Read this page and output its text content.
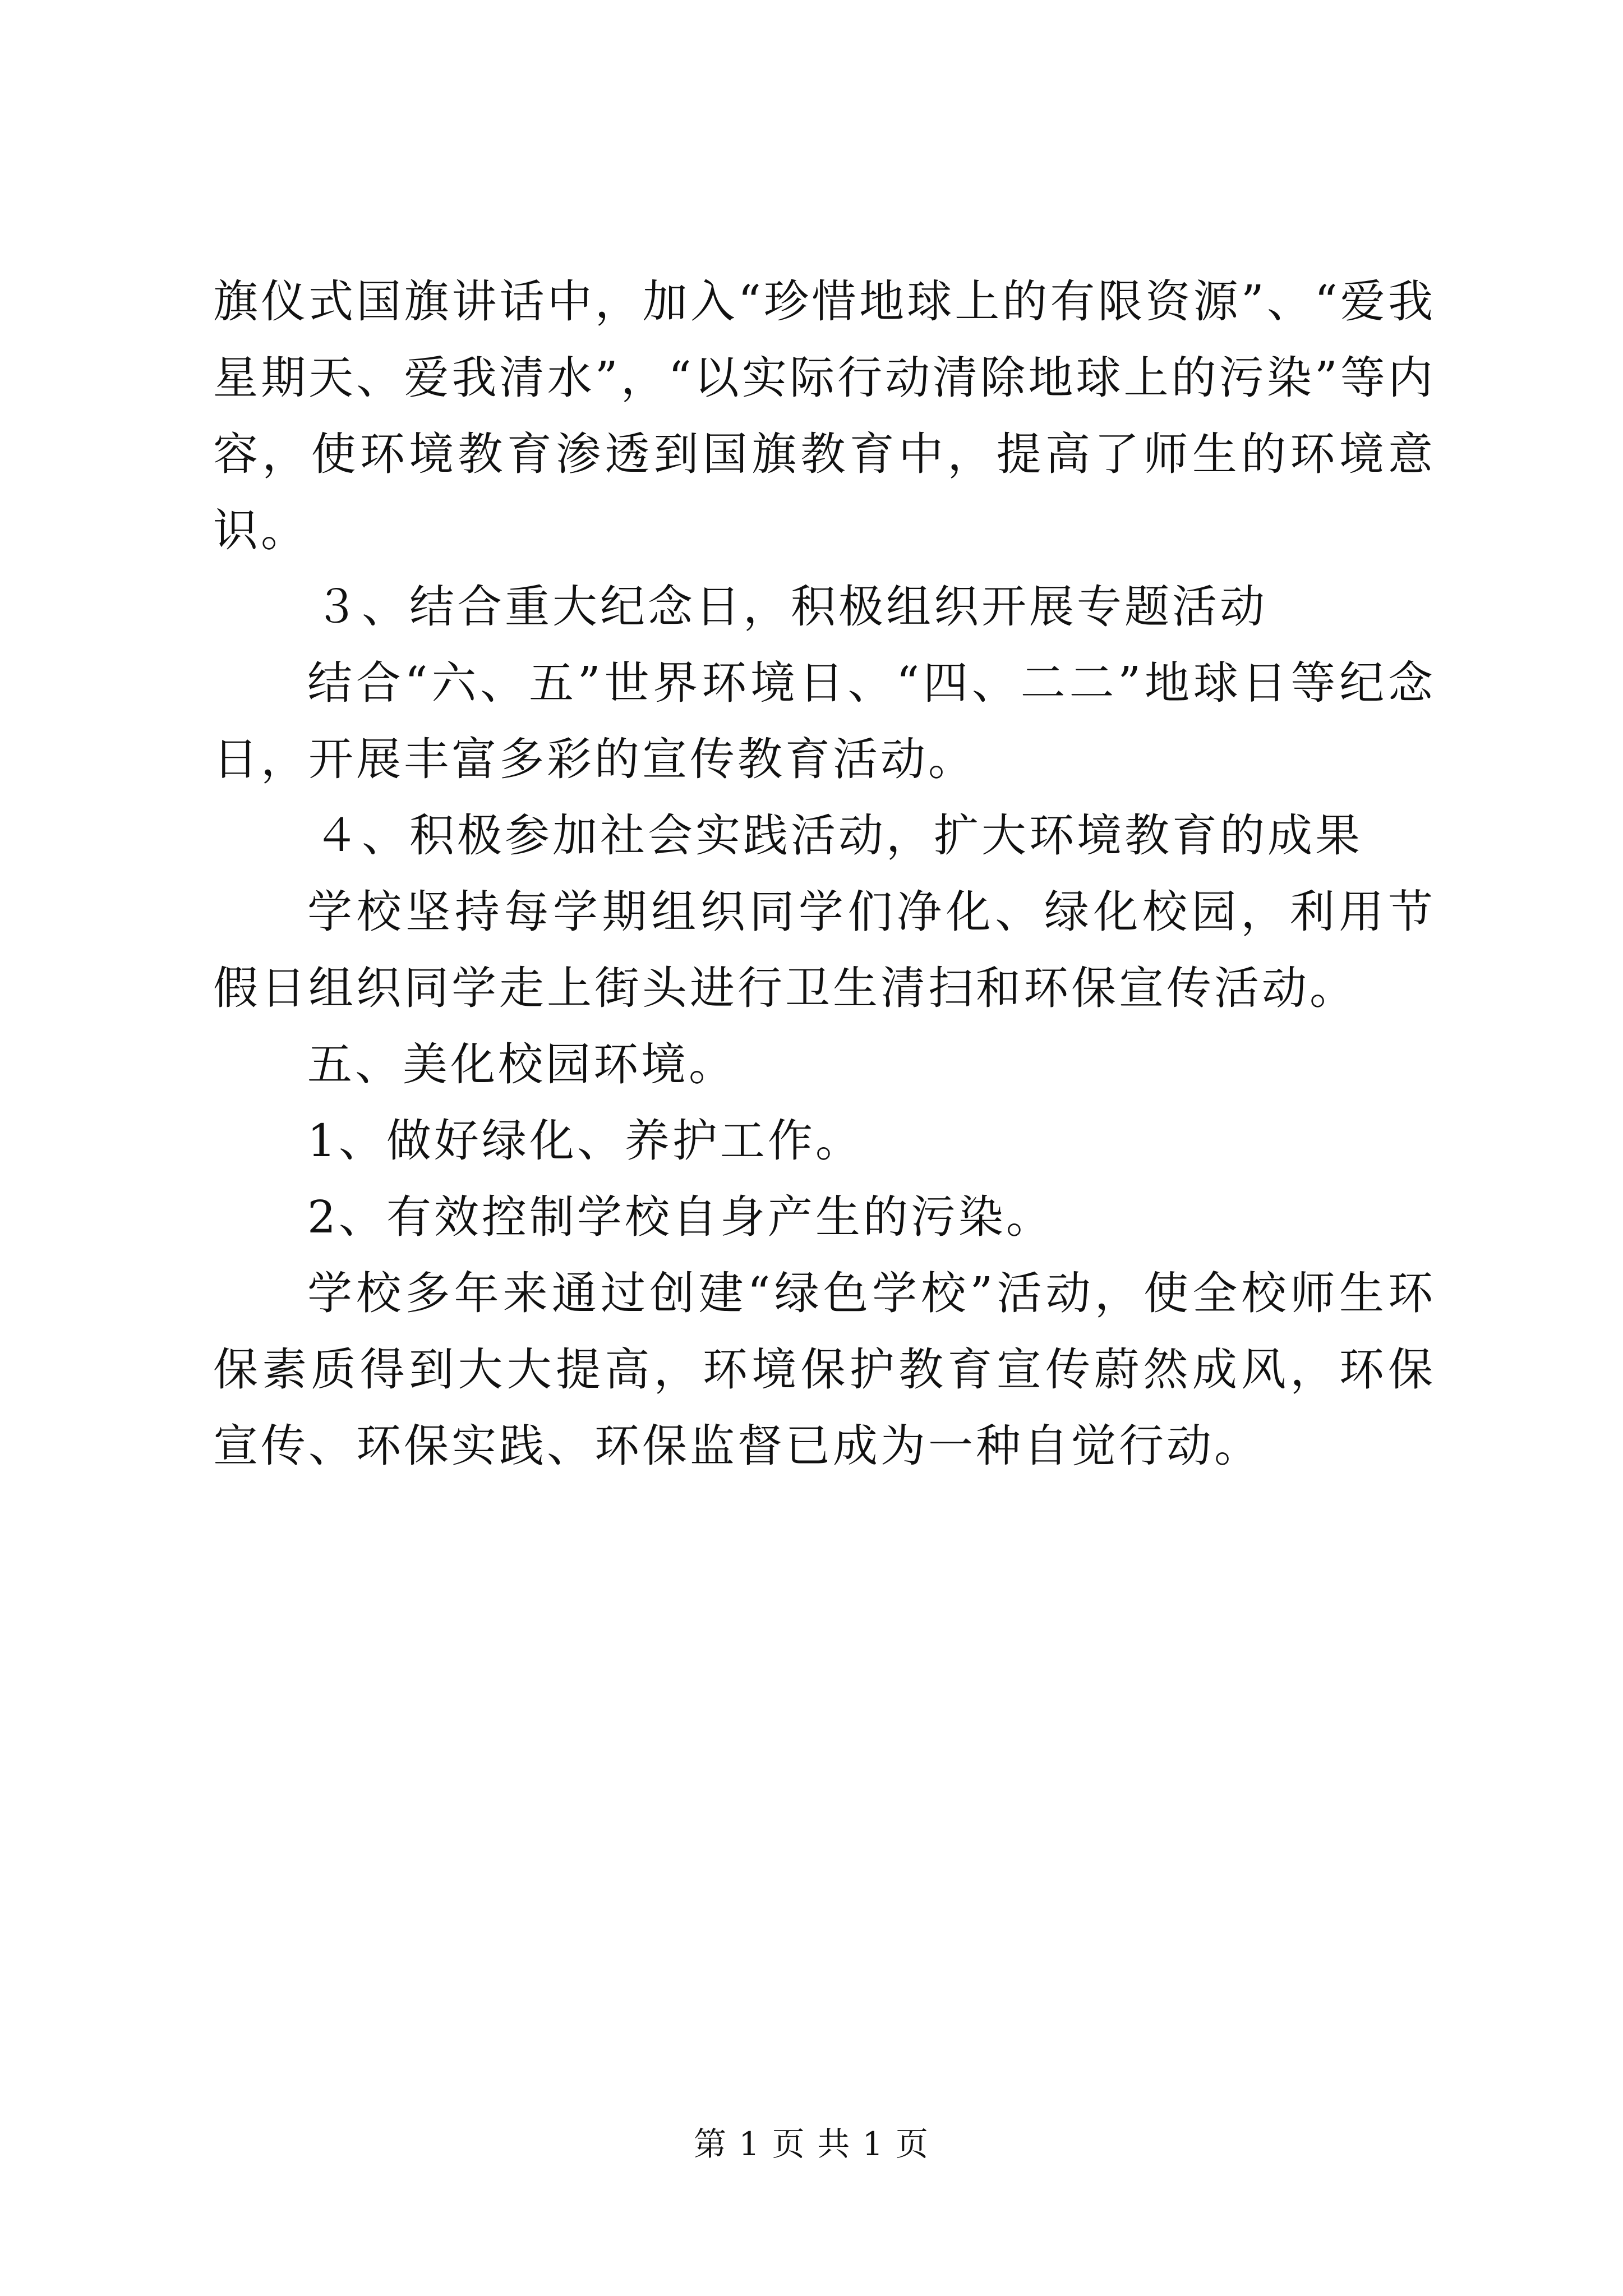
旗仪式国旗讲话中，加入“珍惜地球上的有限资源”、“爱我星期天、爱我清水”，“以实际行动清除地球上的污染”等内容，使环境教育渗透到国旗教育中，提高了师生的环境意识。

３、结合重大纪念日，积极组织开展专题活动

结合“六、五”世界环境日、“四、二二”地球日等纪念日，开展丰富多彩的宣传教育活动。

４、积极参加社会实践活动，扩大环境教育的成果

学校坚持每学期组织同学们净化、绿化校园，利用节假日组织同学走上街头进行卫生清扫和环保宣传活动。

五、美化校园环境。

1、做好绿化、养护工作。

2、有效控制学校自身产生的污染。

学校多年来通过创建“绿色学校”活动，使全校师生环保素质得到大大提高，环境保护教育宣传蔚然成风，环保宣传、环保实践、环保监督已成为一种自觉行动。

第 1 页 共 1 页
